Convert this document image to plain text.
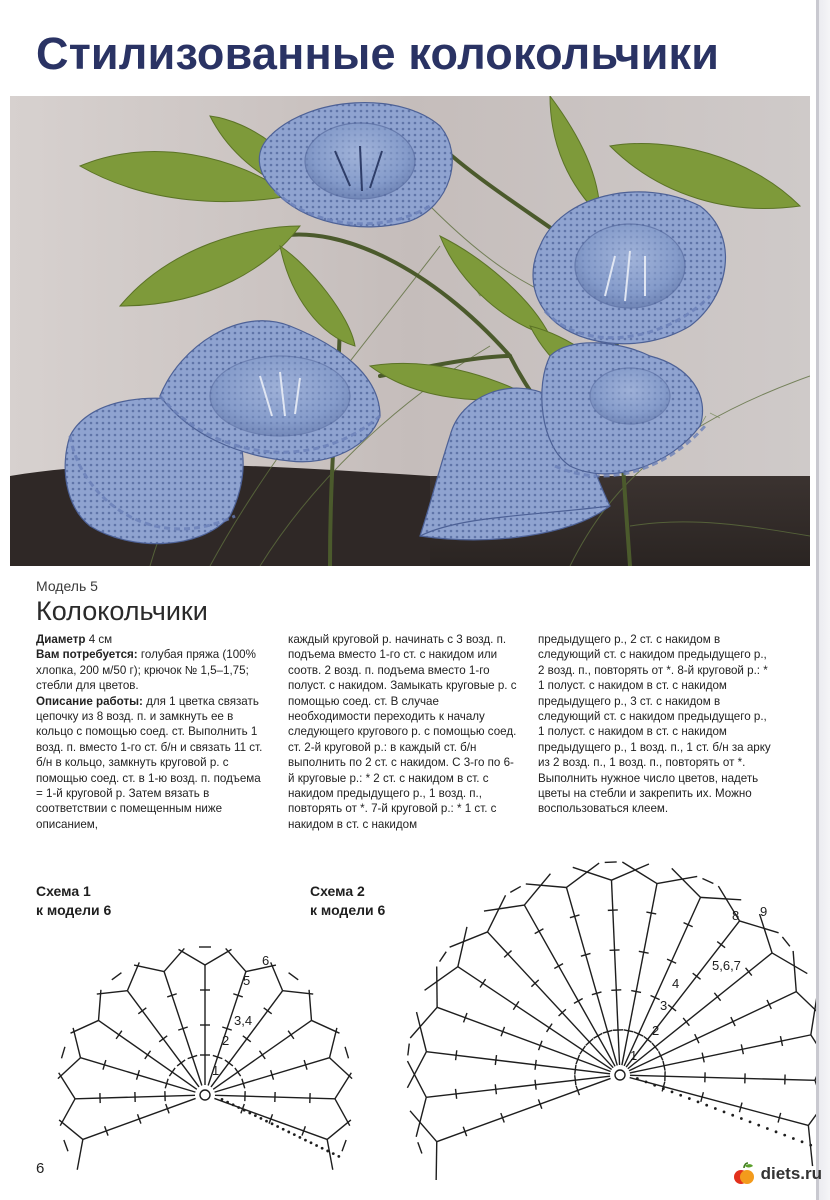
Стилизованные колокольчики
Модель 5
Колокольчики

Диаметр 4 см

Вам потребуется: голубая пряжа (100% хлопка, 200 м/50 г); крючок № 1,5–1,75; стебли для цветов.

Описание работы: для 1 цветка связать цепочку из 8 возд. п. и замкнуть ее в кольцо с помощью соед. ст. Выполнить 1 возд. п. вместо 1-го ст. б/н и связать 11 ст. б/н в кольцо, замкнуть круговой р. с помощью соед. ст. в 1-ю возд. п. подъема = 1-й круговой р. Затем вязать в соответствии с помещенным ниже описанием,

каждый круговой р. начинать с 3 возд. п. подъема вместо 1-го ст. с накидом или соотв. 2 возд. п. подъема вместо 1-го полуст. с накидом. Замыкать круговые р. с помощью соед. ст. В случае необходимости переходить к началу следующего кругового р. с помощью соед. ст. 2-й круговой р.: в каждый ст. б/н выполнить по 2 ст. с накидом. С 3-го по 6-й круговые р.: * 2 ст. с накидом в ст. с накидом предыдущего р., 1 возд. п., повторять от *. 7-й круговой р.: * 1 ст. с накидом в ст. с накидом

предыдущего р., 2 ст. с накидом в следующий ст. с накидом предыдущего р., 2 возд. п., повторять от *. 8-й круговой р.: * 1 полуст. с накидом в ст. с накидом предыдущего р., 3 ст. с накидом в следующий ст. с накидом предыдущего р., 1 полуст. с накидом в ст. с накидом предыдущего р., 1 возд. п., 1 ст. б/н за арку из 2 возд. п., 1 возд. п., повторять от *. Выполнить нужное число цветов, надеть цветы на стебли и закрепить их. Можно воспользоваться клеем.

Схема 1
к модели 6
Схема 2
к модели 6
1
2
3,4
5
6
1
2
3
4
5,6,7
8 9
6	diets.ru
